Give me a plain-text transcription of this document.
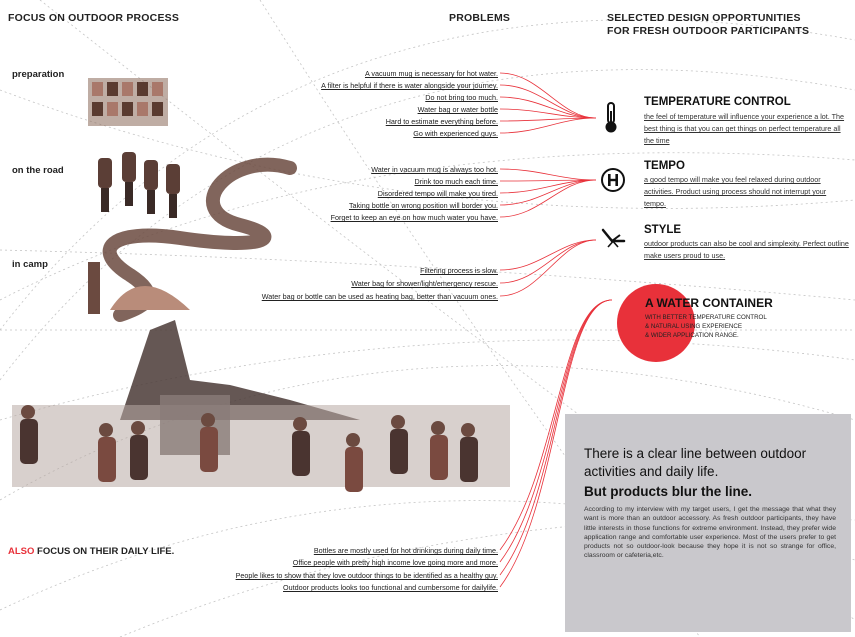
FOCUS ON OUTDOOR PROCESS	PROBLEMS	SELECTED DESIGN OPPORTUNITIES
FOR FRESH OUTDOOR PARTICIPANTS
preparation
on the road
in camp
A vacuum mug is necessary for hot water.
A filter is helpful if there is water alongside your journey.
Do not bring too much.
Water bag or water bottle
Hard to estimate everything before.
Go with experienced guys.
Water in vacuum mug is always too hot.
Drink too much each time.
Disordered tempo will make you tired.
Taking bottle on wrong position will border you.
Forget to keep an eye on how much water you have.
Filtering process is slow.
Water bag for shower/light/emergency rescue.
Water bag or bottle can be used as heating bag, better than vacuum ones.
TEMPERATURE CONTROL
the feel of temperature will influence your experience a lot. The best thing is that you can get things on perfect temperature all the time
TEMPO
a good tempo will make you feel relaxed during outdoor activities. Product using process should not interrupt your tempo.
STYLE
outdoor products can also be cool and simplexity. Perfect outline make users proud to use.
A WATER CONTAINER
WITH BETTER TEMPERATURE CONTROL
& NATURAL USING EXPERIENCE
& WIDER APPLICATION RANGE.
ALSO FOCUS ON THEIR DAILY LIFE.	Bottles are mostly used for hot drinkings during daily time.
Office people with pretty high income love going more and more.
People likes to show that they love outdoor things to be identified as a healthy guy.
Outdoor products looks too functional and cumbersome for dailylife.
There is a clear line between outdoor
activities and daily life.
But products blur the line.
According to my interview with my target users, I get the message that what they want is more than an outdoor accessory. As fresh outdoor participants, they have little interests in those functions for extreme environment. Instead, they prefer wide application range and comfortable user experience. Most of the users prefer to get products not so outdoor-look because they hope it is not so strange for office, classroom or cafeteria,etc.
